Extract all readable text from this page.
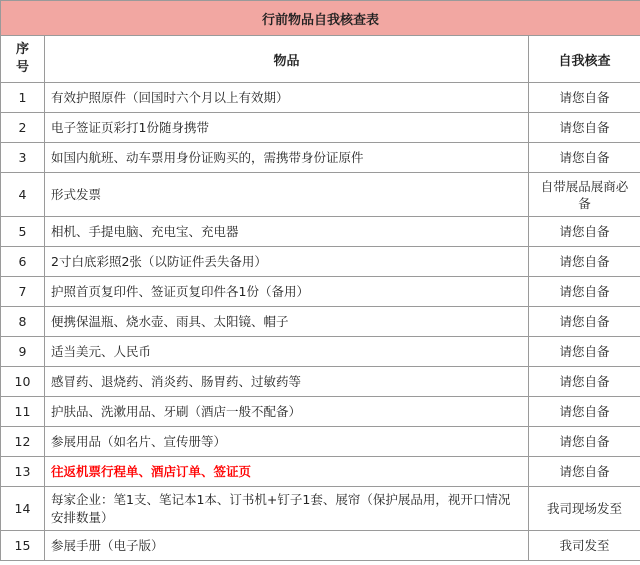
行前物品自我核查表		
序号	物品	自我核查
1	有效护照原件（回国时六个月以上有效期）	请您自备
2	电子签证页彩打1份随身携带	请您自备
3	如国内航班、动车票用身份证购买的，需携带身份证原件	请您自备
4	形式发票	自带展品展商必备
5	相机、手提电脑、充电宝、充电器	请您自备
6	2寸白底彩照2张（以防证件丢失备用）	请您自备
7	护照首页复印件、签证页复印件各1份（备用）	请您自备
8	便携保温瓶、烧水壶、雨具、太阳镜、帽子	请您自备
9	适当美元、人民币	请您自备
10	感冒药、退烧药、消炎药、肠胃药、过敏药等	请您自备
11	护肤品、洗漱用品、牙刷（酒店一般不配备）	请您自备
12	参展用品（如名片、宣传册等）	请您自备
13	往返机票行程单、酒店订单、签证页	请您自备
14	每家企业：笔1支、笔记本1本、订书机+钉子1套、展帘（保护展品用，视开口情况安排数量）	我司现场发至
15	参展手册（电子版）	我司发至
